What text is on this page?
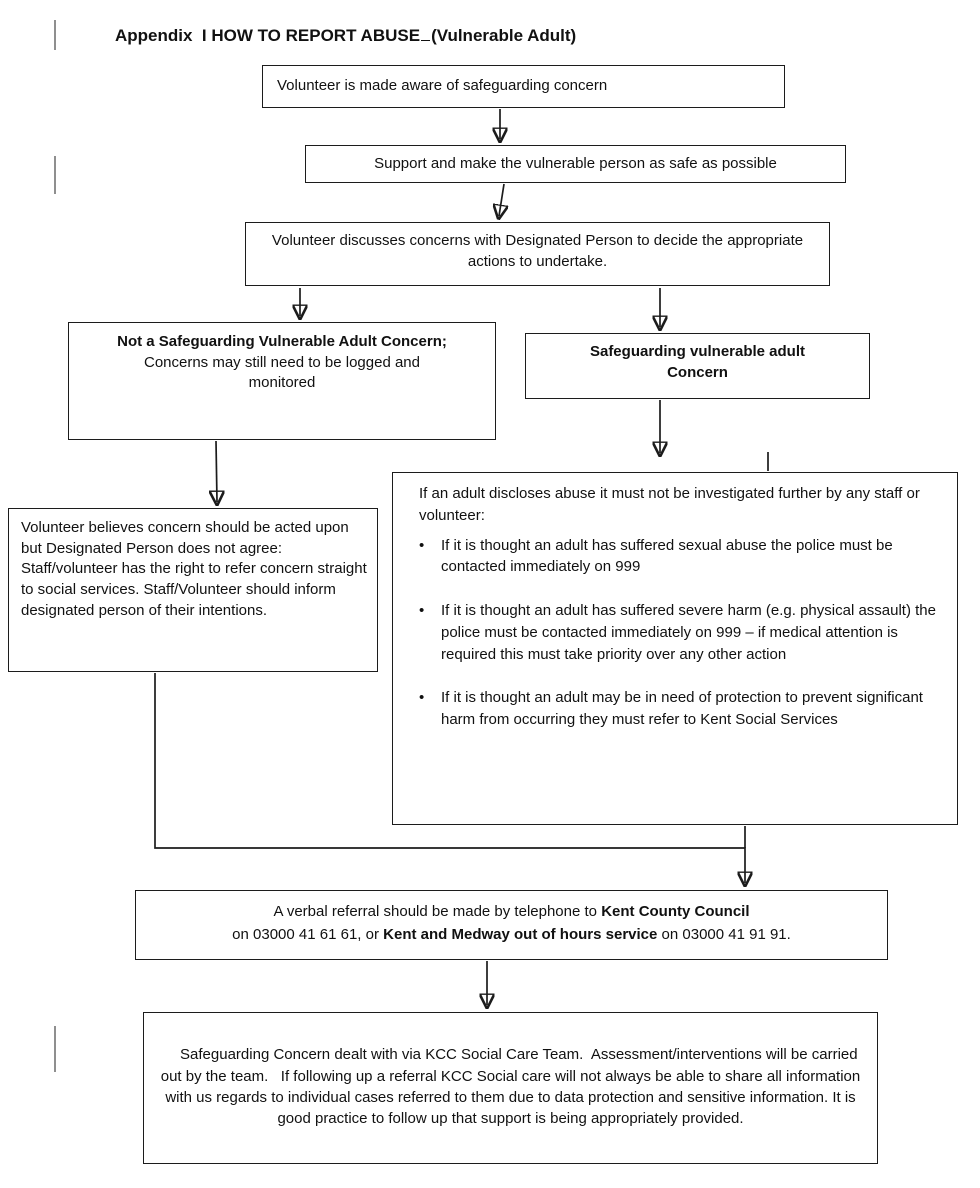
Appendix  I HOW TO REPORT ABUSE (Vulnerable Adult)
Volunteer is made aware of safeguarding concern
Support and make the vulnerable person as safe as possible
Volunteer discusses concerns with Designated Person to decide the appropriate actions to undertake.
Not a Safeguarding Vulnerable Adult Concern;
Concerns may still need to be logged and monitored
Safeguarding vulnerable adult Concern
Volunteer believes concern should be acted upon but Designated Person does not agree: Staff/volunteer has the right to refer concern straight to social services. Staff/Volunteer should inform designated person of their intentions.
If an adult discloses abuse it must not be investigated further by any staff or volunteer:
•
If it is thought an adult has suffered sexual abuse the police must be contacted immediately on 999
•
If it is thought an adult has suffered severe harm (e.g. physical assault) the police must be contacted immediately on 999 – if medical attention is required this must take priority over any other action
•
If it is thought an adult may be in need of protection to prevent significant harm from occurring they must refer to Kent Social Services
A verbal referral should be made by telephone to Kent County Council
on 03000 41 61 61, or Kent and Medway out of hours service on 03000 41 91 91.

Safeguarding Concern dealt with via KCC Social Care Team.  Assessment/interventions will be carried out by the team.   If following up a referral KCC Social care will not always be able to share all information with us regards to individual cases referred to them due to data protection and sensitive information. It is good practice to follow up that support is being appropriately provided.
